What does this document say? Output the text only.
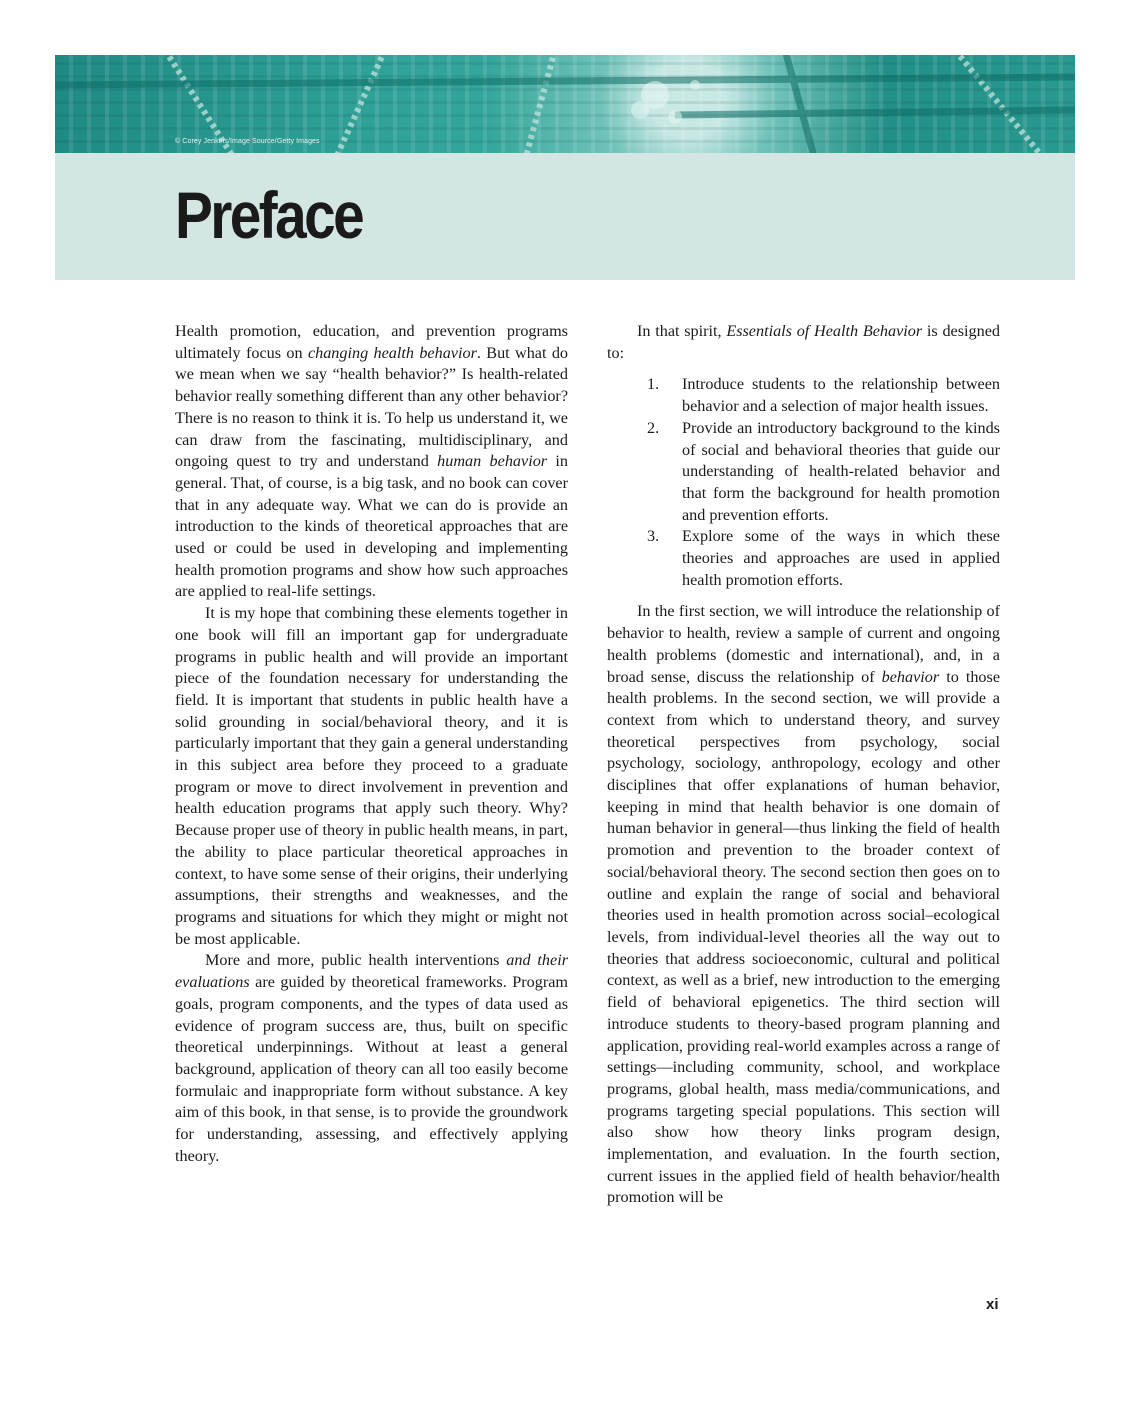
© Corey Jenkins/Image Source/Getty Images
Preface

Health promotion, education, and prevention programs ultimately focus on changing health behavior. But what do we mean when we say “health behavior?” Is health-related behavior really something different than any other behavior? There is no reason to think it is. To help us understand it, we can draw from the fascinating, multidisciplinary, and ongoing quest to try and understand human behavior in general. That, of course, is a big task, and no book can cover that in any adequate way. What we can do is provide an introduction to the kinds of theoretical approaches that are used or could be used in developing and implementing health promotion programs and show how such approaches are applied to real-life settings.

It is my hope that combining these elements together in one book will fill an important gap for undergraduate programs in public health and will provide an important piece of the foundation necessary for understanding the field. It is important that students in public health have a solid grounding in social/behavioral theory, and it is particularly important that they gain a general understanding in this subject area before they proceed to a graduate program or move to direct involvement in prevention and health education programs that apply such theory. Why? Because proper use of theory in public health means, in part, the ability to place particular theoretical approaches in context, to have some sense of their origins, their underlying assumptions, their strengths and weaknesses, and the programs and situations for which they might or might not be most applicable.

More and more, public health interventions and their evaluations are guided by theoretical frameworks. Program goals, program components, and the types of data used as evidence of program success are, thus, built on specific theoretical underpinnings. Without at least a general background, application of theory can all too easily become formulaic and inappropriate form without substance. A key aim of this book, in that sense, is to provide the groundwork for understanding, assessing, and effectively applying theory.

In that spirit, Essentials of Health Behavior is designed to:

1. Introduce students to the relationship between behavior and a selection of major health issues.
2. Provide an introductory background to the kinds of social and behavioral theories that guide our understanding of health-related behavior and that form the background for health promotion and prevention efforts.
3. Explore some of the ways in which these theories and approaches are used in applied health promotion efforts.

In the first section, we will introduce the relationship of behavior to health, review a sample of current and ongoing health problems (domestic and international), and, in a broad sense, discuss the relationship of behavior to those health problems. In the second section, we will provide a context from which to understand theory, and survey theoretical perspectives from psychology, social psychology, sociology, anthropology, ecology and other disciplines that offer explanations of human behavior, keeping in mind that health behavior is one domain of human behavior in general—thus linking the field of health promotion and prevention to the broader context of social/behavioral theory. The second section then goes on to outline and explain the range of social and behavioral theories used in health promotion across social–ecological levels, from individual-level theories all the way out to theories that address socioeconomic, cultural and political context, as well as a brief, new introduction to the emerging field of behavioral epigenetics. The third section will introduce students to theory-based program planning and application, providing real-world examples across a range of settings—including community, school, and workplace programs, global health, mass media/communications, and programs targeting special populations. This section will also show how theory links program design, implementation, and evaluation. In the fourth section, current issues in the applied field of health behavior/health promotion will be

xi
